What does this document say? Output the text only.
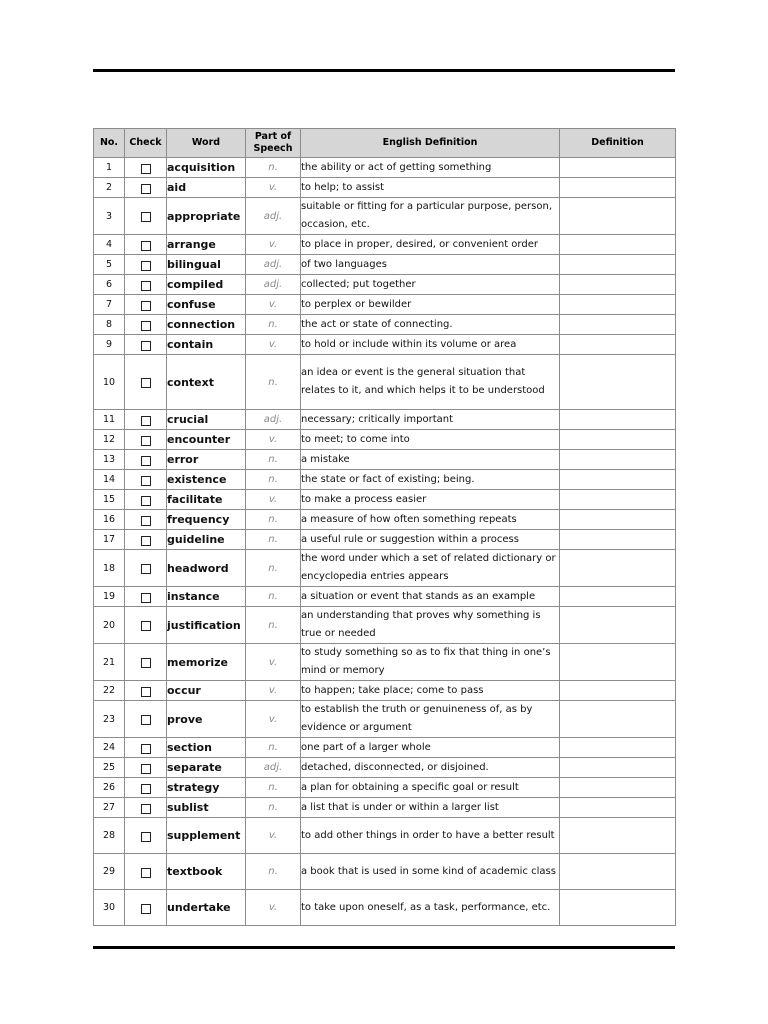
No.	Check	Word	Part of
Speech	English Definition	Definition
1		acquisition	n.	the ability or act of getting something	
2		aid	v.	to help; to assist	
3		appropriate	adj.	suitable or fitting for a particular purpose, person, occasion, etc.	
4		arrange	v.	to place in proper, desired, or convenient order	
5		bilingual	adj.	of two languages	
6		compiled	adj.	collected; put together	
7		confuse	v.	to perplex or bewilder	
8		connection	n.	the act or state of connecting.	
9		contain	v.	to hold or include within its volume or area	
10		context	n.	an idea or event is the general situation that relates to it, and which helps it to be understood	
11		crucial	adj.	necessary; critically important	
12		encounter	v.	to meet; to come into	
13		error	n.	a mistake	
14		existence	n.	the state or fact of existing; being.	
15		facilitate	v.	to make a process easier	
16		frequency	n.	a measure of how often something repeats	
17		guideline	n.	a useful rule or suggestion within a process	
18		headword	n.	the word under which a set of related dictionary or encyclopedia entries appears	
19		instance	n.	a situation or event that stands as an example	
20		justification	n.	an understanding that proves why something is true or needed	
21		memorize	v.	to study something so as to fix that thing in one’s mind or memory	
22		occur	v.	to happen; take place; come to pass	
23		prove	v.	to establish the truth or genuineness of, as by evidence or argument	
24		section	n.	one part of a larger whole	
25		separate	adj.	detached, disconnected, or disjoined.	
26		strategy	n.	a plan for obtaining a specific goal or result	
27		sublist	n.	a list that is under or within a larger list	
28		supplement	v.	to add other things in order to have a better result	
29		textbook	n.	a book that is used in some kind of academic class	
30		undertake	v.	to take upon oneself, as a task, performance, etc.	
